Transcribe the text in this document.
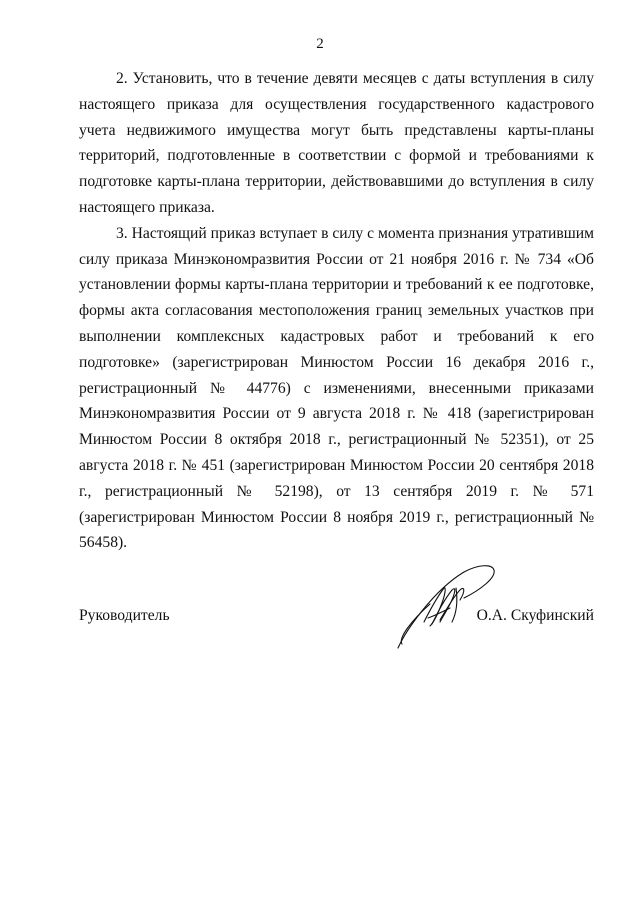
2

2. Установить, что в течение девяти месяцев с даты вступления в силу настоящего приказа для осуществления государственного кадастрового учета недвижимого имущества могут быть представлены карты-планы территорий, подготовленные в соответствии с формой и требованиями к подготовке карты-плана территории, действовавшими до вступления в силу настоящего приказа.

3. Настоящий приказ вступает в силу с момента признания утратившим силу приказа Минэкономразвития России от 21 ноября 2016 г. № 734 «Об установлении формы карты-плана территории и требований к ее подготовке, формы акта согласования местоположения границ земельных участков при выполнении комплексных кадастровых работ и требований к его подготовке» (зарегистрирован Минюстом России 16 декабря 2016 г., регистрационный № 44776) с изменениями, внесенными приказами Минэкономразвития России от 9 августа 2018 г. № 418 (зарегистрирован Минюстом России 8 октября 2018 г., регистрационный № 52351), от 25 августа 2018 г. № 451 (зарегистрирован Минюстом России 20 сентября 2018 г., регистрационный № 52198), от 13 сентября 2019 г. № 571 (зарегистрирован Минюстом России 8 ноября 2019 г., регистрационный № 56458).

Руководитель	О.А. Скуфинский
